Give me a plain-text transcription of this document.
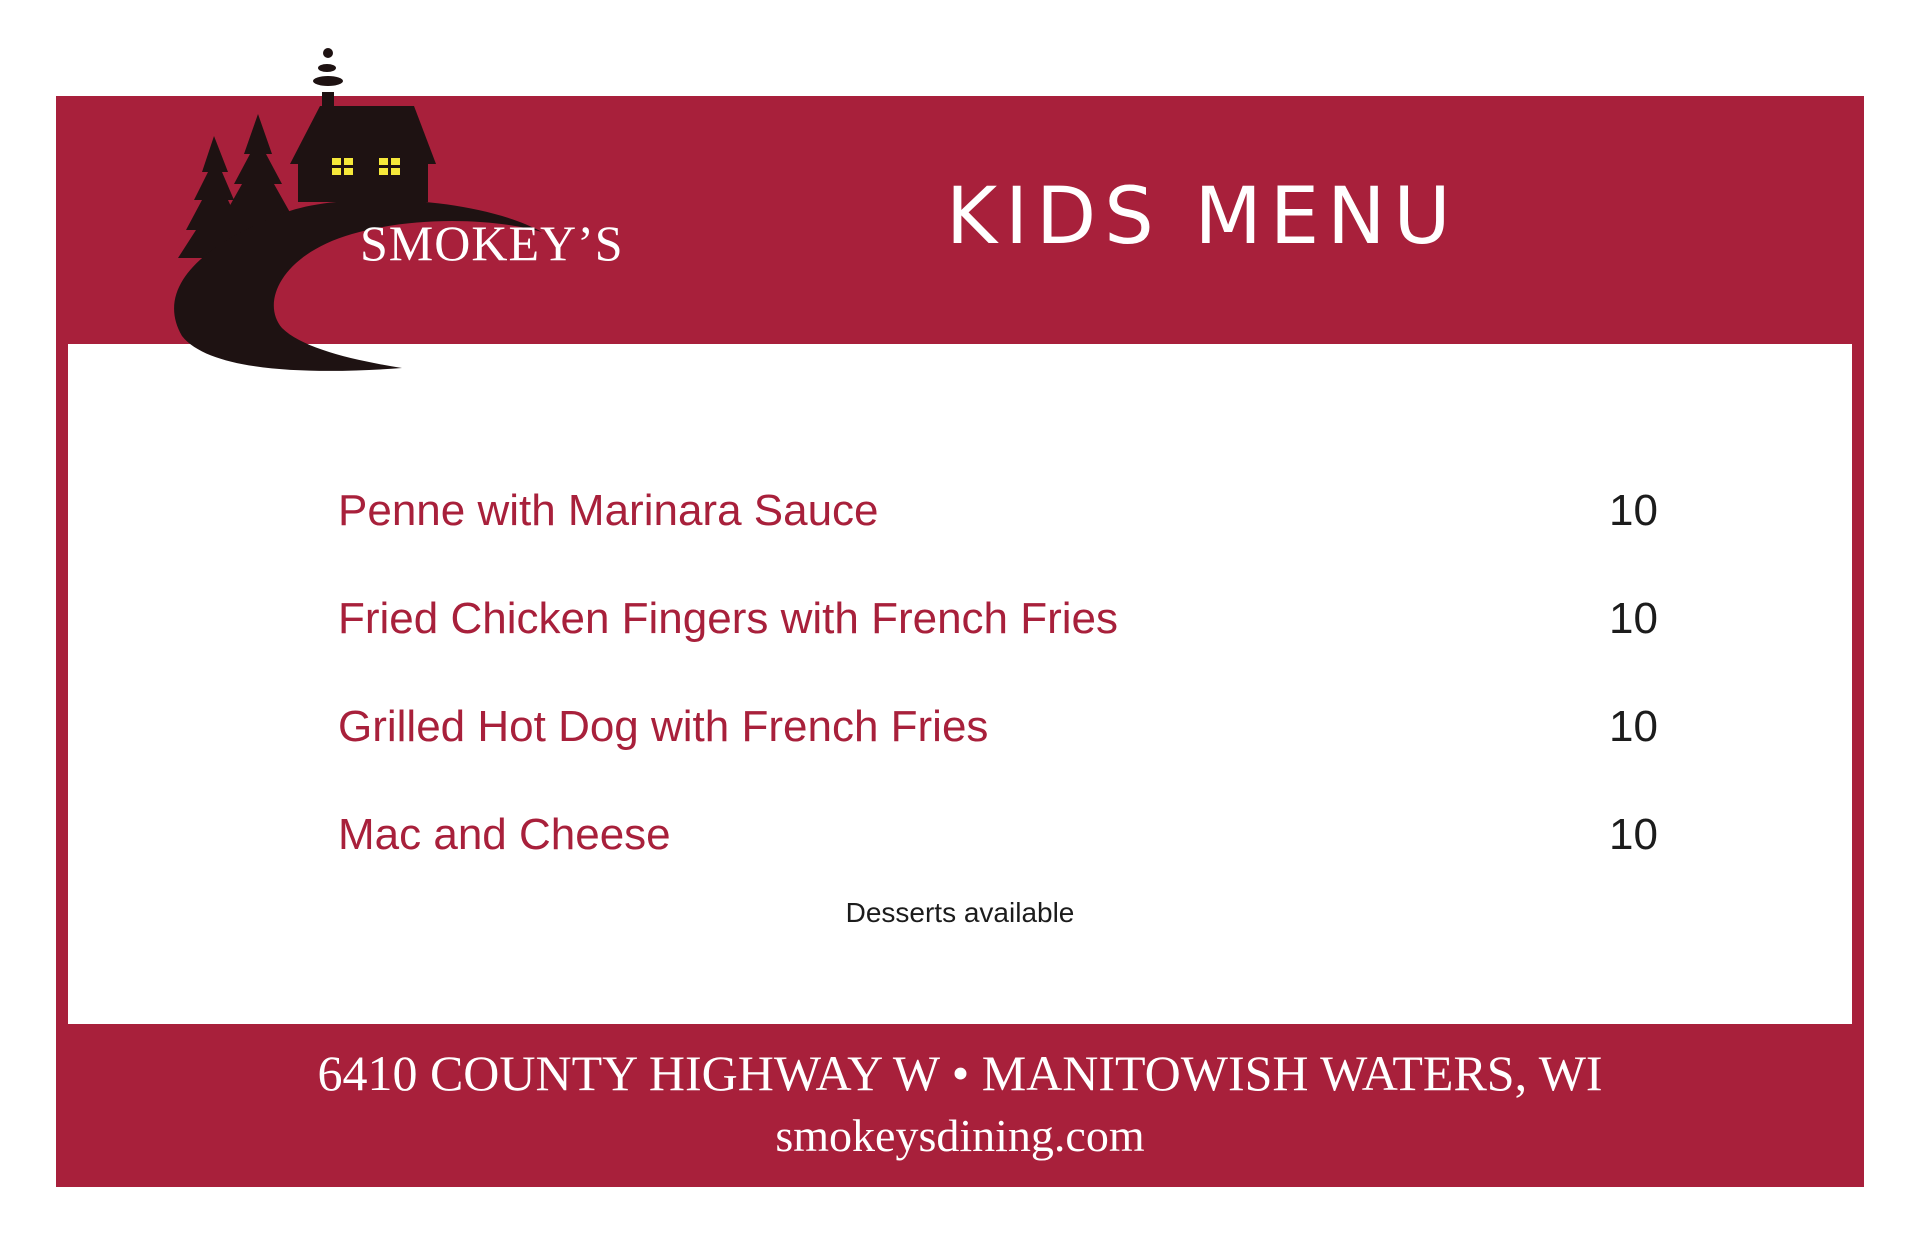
Penne with Marinara Sauce	10
Fried Chicken Fingers with French Fries	10
Grilled Hot Dog with French Fries	10
Mac and Cheese	10
Desserts available
SMOKEY’S	KIDS MENU
6410 COUNTY HIGHWAY W • MANITOWISH WATERS, WI
smokeysdining.com
